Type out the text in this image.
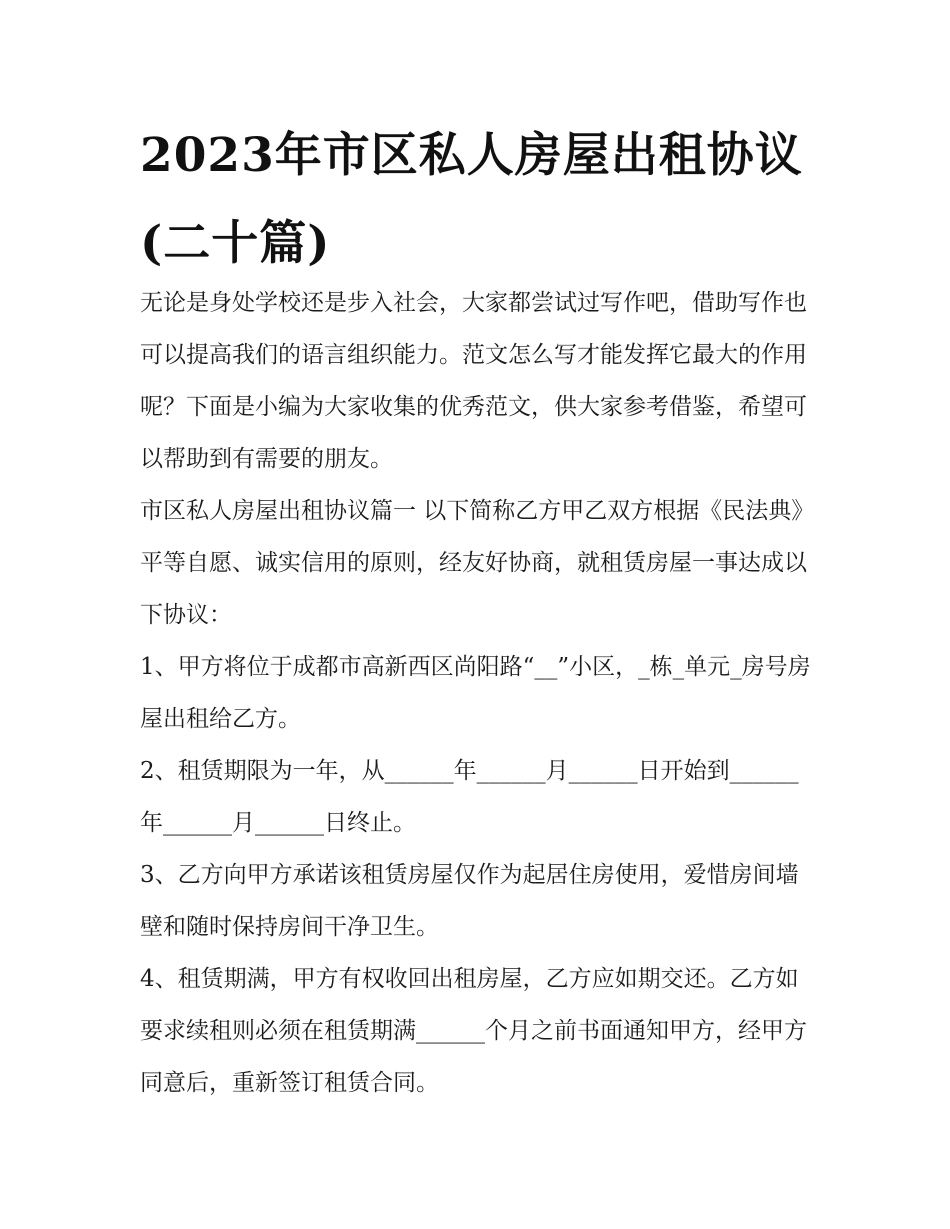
2023年市区私人房屋出租协议(二十篇)

无论是身处学校还是步入社会，大家都尝试过写作吧，借助写作也可以提高我们的语言组织能力。范文怎么写才能发挥它最大的作用呢？下面是小编为大家收集的优秀范文，供大家参考借鉴，希望可以帮助到有需要的朋友。

市区私人房屋出租协议篇一 以下简称乙方甲乙双方根据《民法典》平等自愿、诚实信用的原则，经友好协商，就租赁房屋一事达成以下协议：

1、甲方将位于成都市高新西区尚阳路“__”小区，_栋_单元_房号房屋出租给乙方。

2、租赁期限为一年，从______年______月______日开始到______年______月______日终止。

3、乙方向甲方承诺该租赁房屋仅作为起居住房使用，爱惜房间墙壁和随时保持房间干净卫生。

4、租赁期满，甲方有权收回出租房屋，乙方应如期交还。乙方如要求续租则必须在租赁期满______个月之前书面通知甲方，经甲方同意后，重新签订租赁合同。
